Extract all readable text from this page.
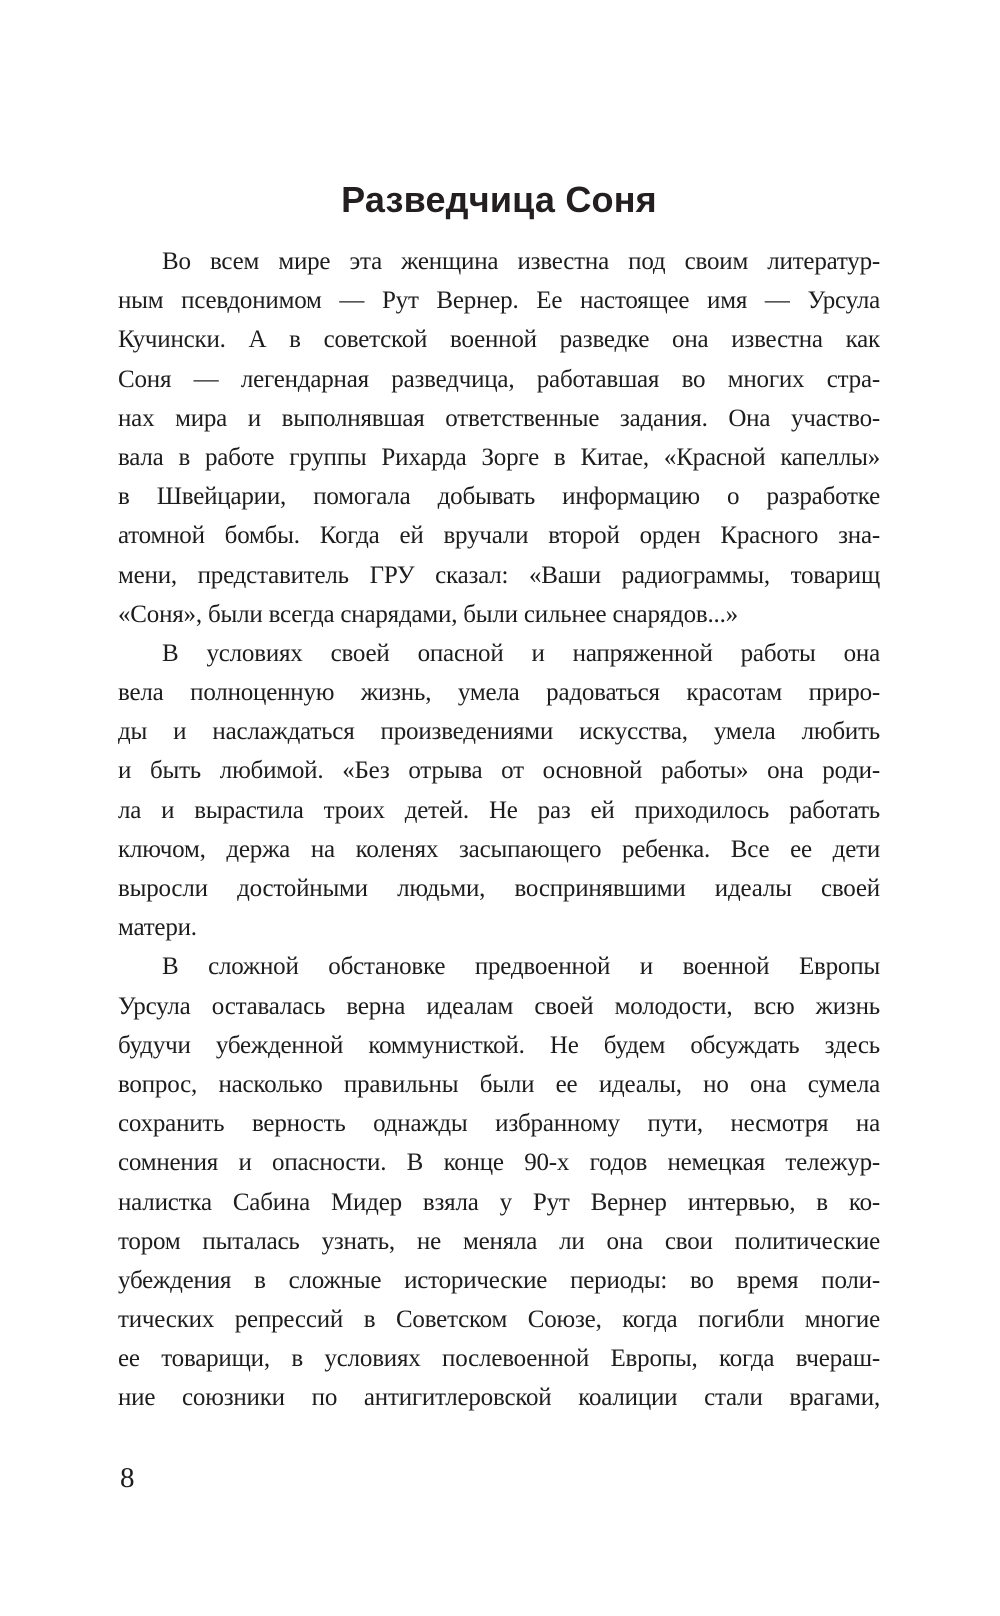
Разведчица Соня
Во всем мире эта женщина известна под своим литератур-
ным псевдонимом — Рут Вернер. Ее настоящее имя — Урсула
Кучински. А в советской военной разведке она известна как
Соня — легендарная разведчица, работавшая во многих стра-
нах мира и выполнявшая ответственные задания. Она участво-
вала в работе группы Рихарда Зорге в Китае, «Красной капеллы»
в Швейцарии, помогала добывать информацию о разработке
атомной бомбы. Когда ей вручали второй орден Красного зна-
мени, представитель ГРУ сказал: «Ваши радиограммы, товарищ
«Соня», были всегда снарядами, были сильнее снарядов...»
В условиях своей опасной и напряженной работы она
вела полноценную жизнь, умела радоваться красотам приро-
ды и наслаждаться произведениями искусства, умела любить
и быть любимой. «Без отрыва от основной работы» она роди-
ла и вырастила троих детей. Не раз ей приходилось работать
ключом, держа на коленях засыпающего ребенка. Все ее дети
выросли достойными людьми, воспринявшими идеалы своей
матери.
В сложной обстановке предвоенной и военной Европы
Урсула оставалась верна идеалам своей молодости, всю жизнь
будучи убежденной коммунисткой. Не будем обсуждать здесь
вопрос, насколько правильны были ее идеалы, но она сумела
сохранить верность однажды избранному пути, несмотря на
сомнения и опасности. В конце 90-х годов немецкая тележур-
налистка Сабина Мидер взяла у Рут Вернер интервью, в ко-
тором пыталась узнать, не меняла ли она свои политические
убеждения в сложные исторические периоды: во время поли-
тических репрессий в Советском Союзе, когда погибли многие
ее товарищи, в условиях послевоенной Европы, когда вчераш-
ние союзники по антигитлеровской коалиции стали врагами,
8
